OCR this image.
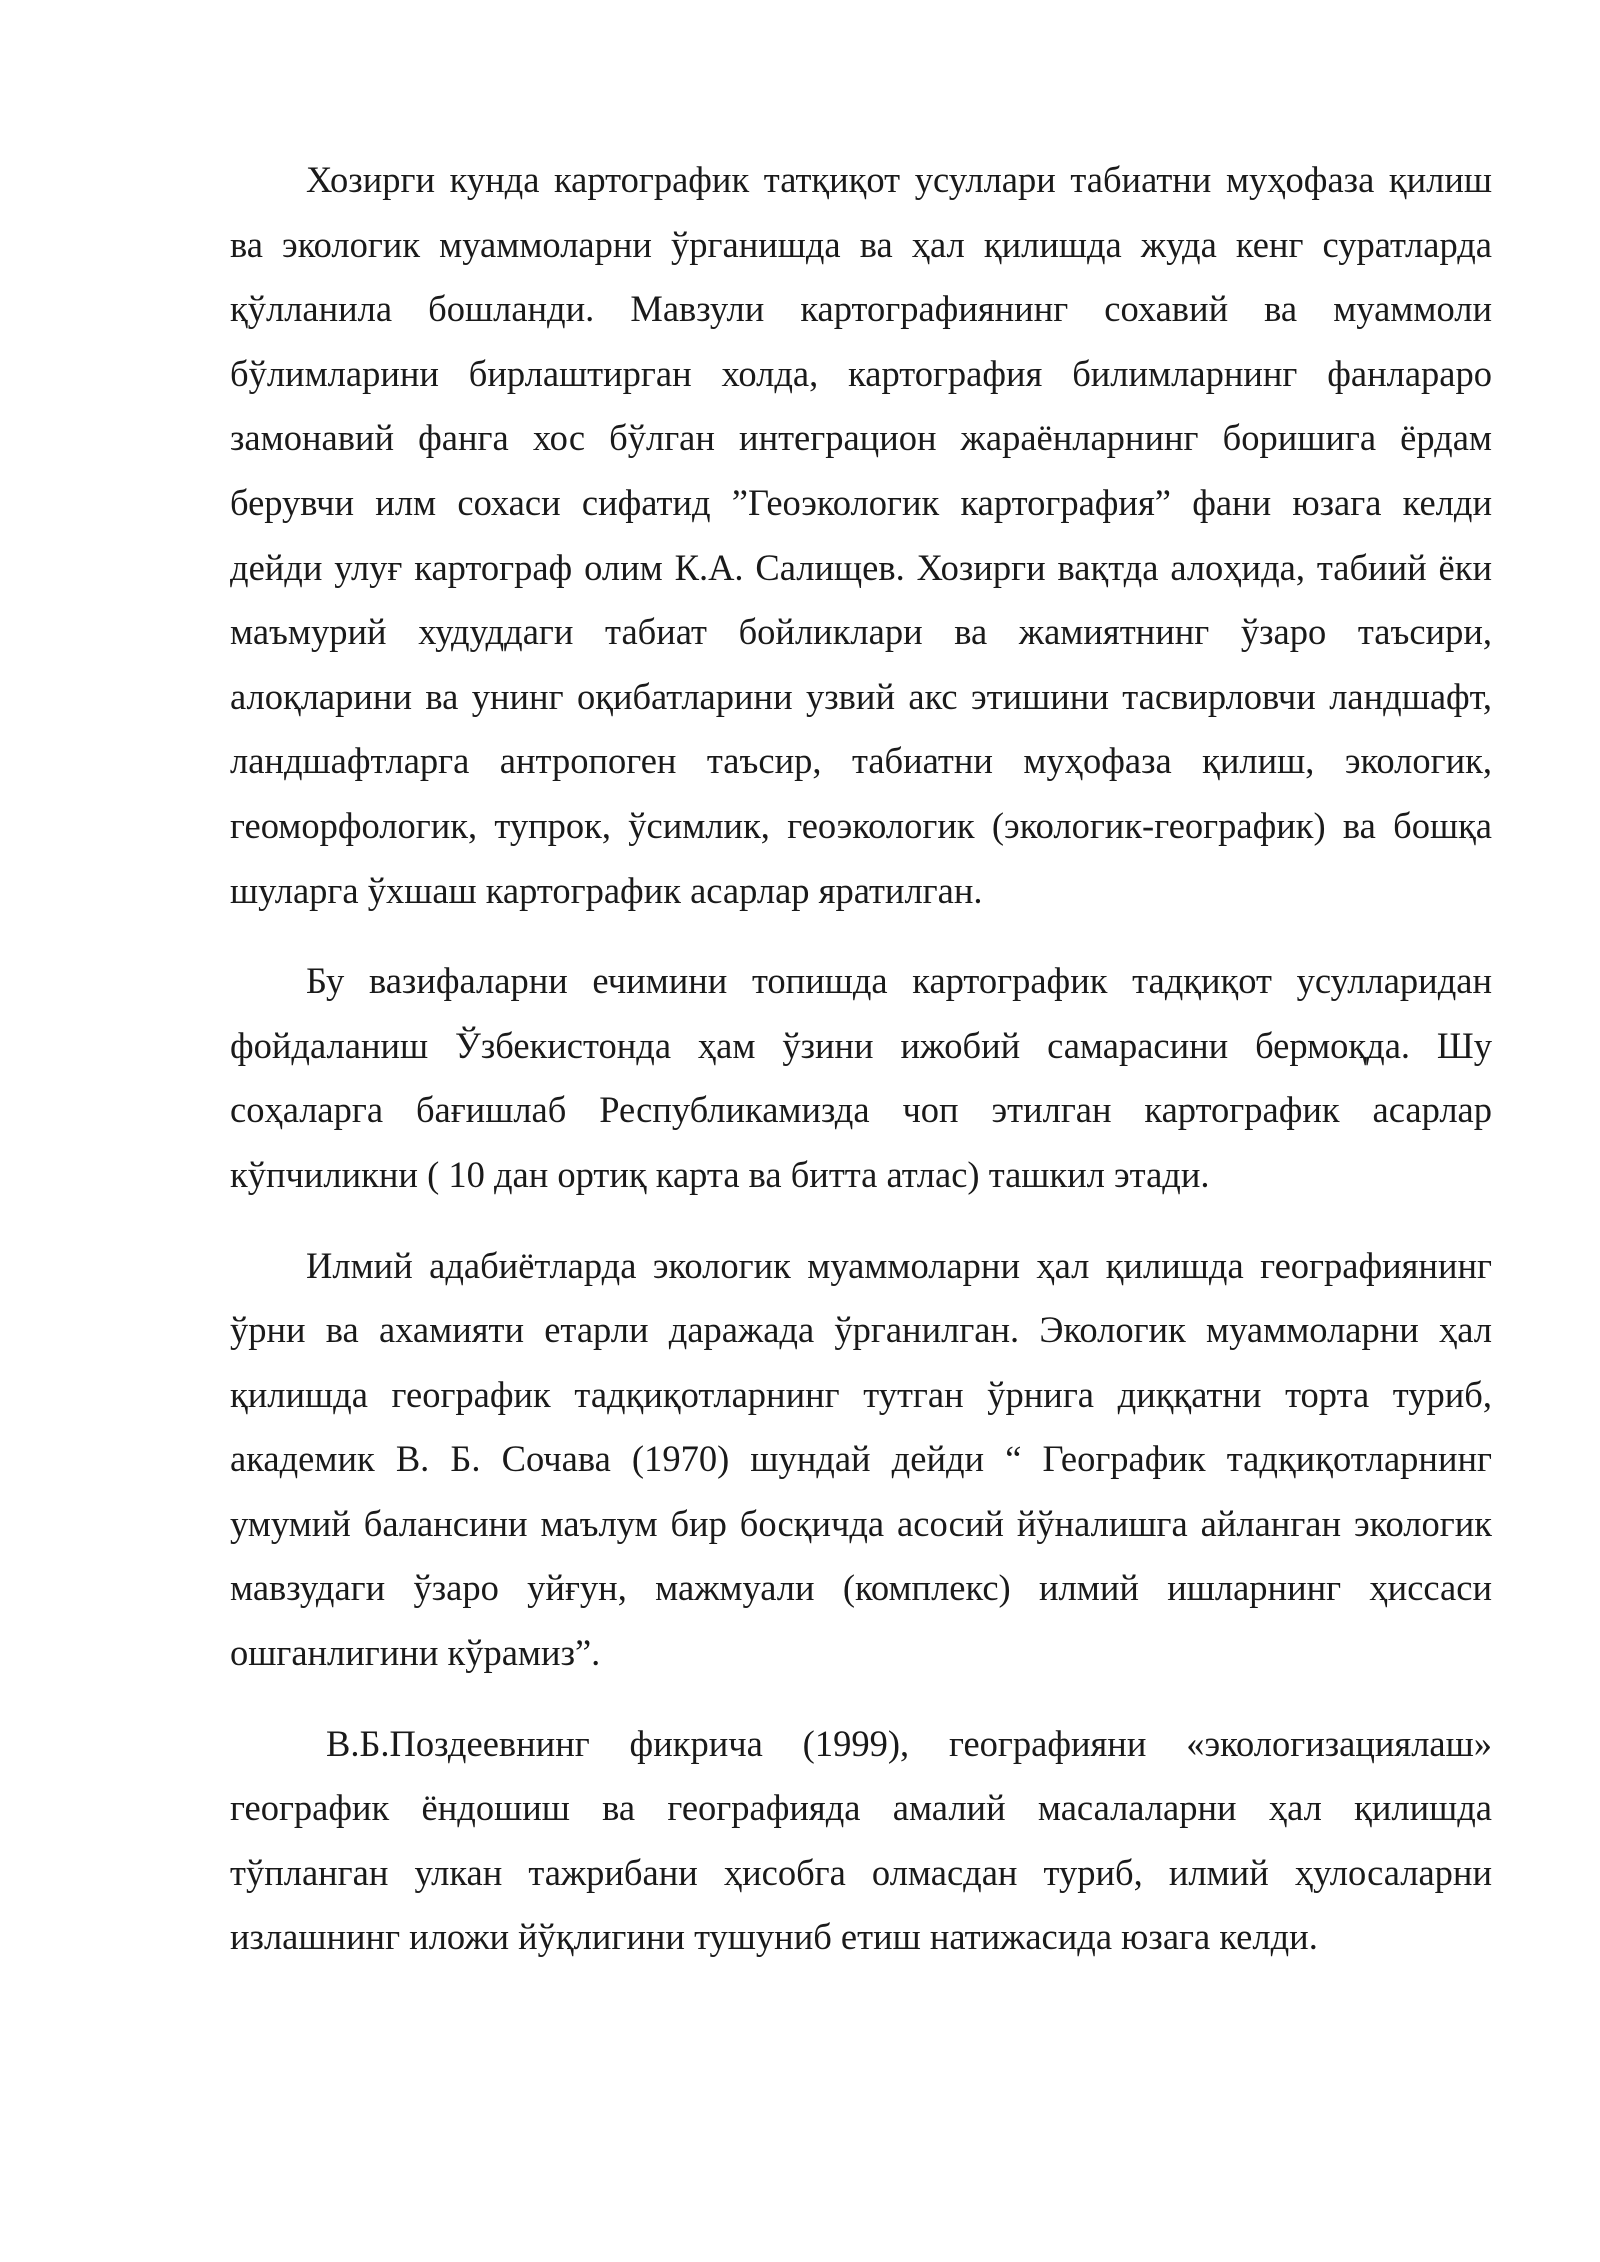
Хозирги кунда картографик татқиқот усуллари табиатни муҳофаза қилиш ва экологик муаммоларни ўрганишда ва ҳал қилишда жуда кенг суратларда қўлланила бошланди. Мавзули картографиянинг сохавий ва муаммоли бўлимларини бирлаштирган холда, картография билимларнинг фанлараро замонавий фанга хос бўлган интеграцион жараёнларнинг боришига ёрдам берувчи илм сохаси сифатид ”Геоэкологик картография” фани юзага келди дейди улуғ картограф олим К.А. Салищев. Хозирги вақтда алоҳида, табиий ёки маъмурий худуддаги табиат бойликлари ва жамиятнинг ўзаро таъсири, алоқларини ва унинг оқибатларини узвий акс этишини тасвирловчи ландшафт, ландшафтларга антропоген таъсир, табиатни муҳофаза қилиш, экологик, геоморфологик, тупрок, ўсимлик, геоэкологик (экологик-географик) ва бошқа шуларга ўхшаш картографик асарлар яратилган.

Бу вазифаларни ечимини топишда картографик тадқиқот усулларидан фойдаланиш Ўзбекистонда ҳам ўзини ижобий самарасини бермоқда. Шу соҳаларга бағишлаб Республикамизда чоп этилган картографик асарлар кўпчиликни ( 10 дан ортиқ карта ва битта атлас) ташкил этади.

Илмий адабиётларда экологик муаммоларни ҳал қилишда географиянинг ўрни ва ахамияти етарли даражада ўрганилган. Экологик муаммоларни ҳал қилишда географик тадқиқотларнинг тутган ўрнига диққатни торта туриб, академик В. Б. Сочава (1970) шундай дейди “ Географик тадқиқотларнинг умумий балансини маълум бир босқичда асосий йўналишга айланган экологик мавзудаги ўзаро уйғун, мажмуали (комплекс) илмий ишларнинг ҳиссаси ошганлигини кўрамиз”.

В.Б.Поздеевнинг фикрича (1999), географияни «экологизациялаш» географик ёндошиш ва географияда амалий масалаларни ҳал қилишда тўпланган улкан тажрибани ҳисобга олмасдан туриб, илмий ҳулосаларни излашнинг иложи йўқлигини тушуниб етиш натижасида юзага келди.
